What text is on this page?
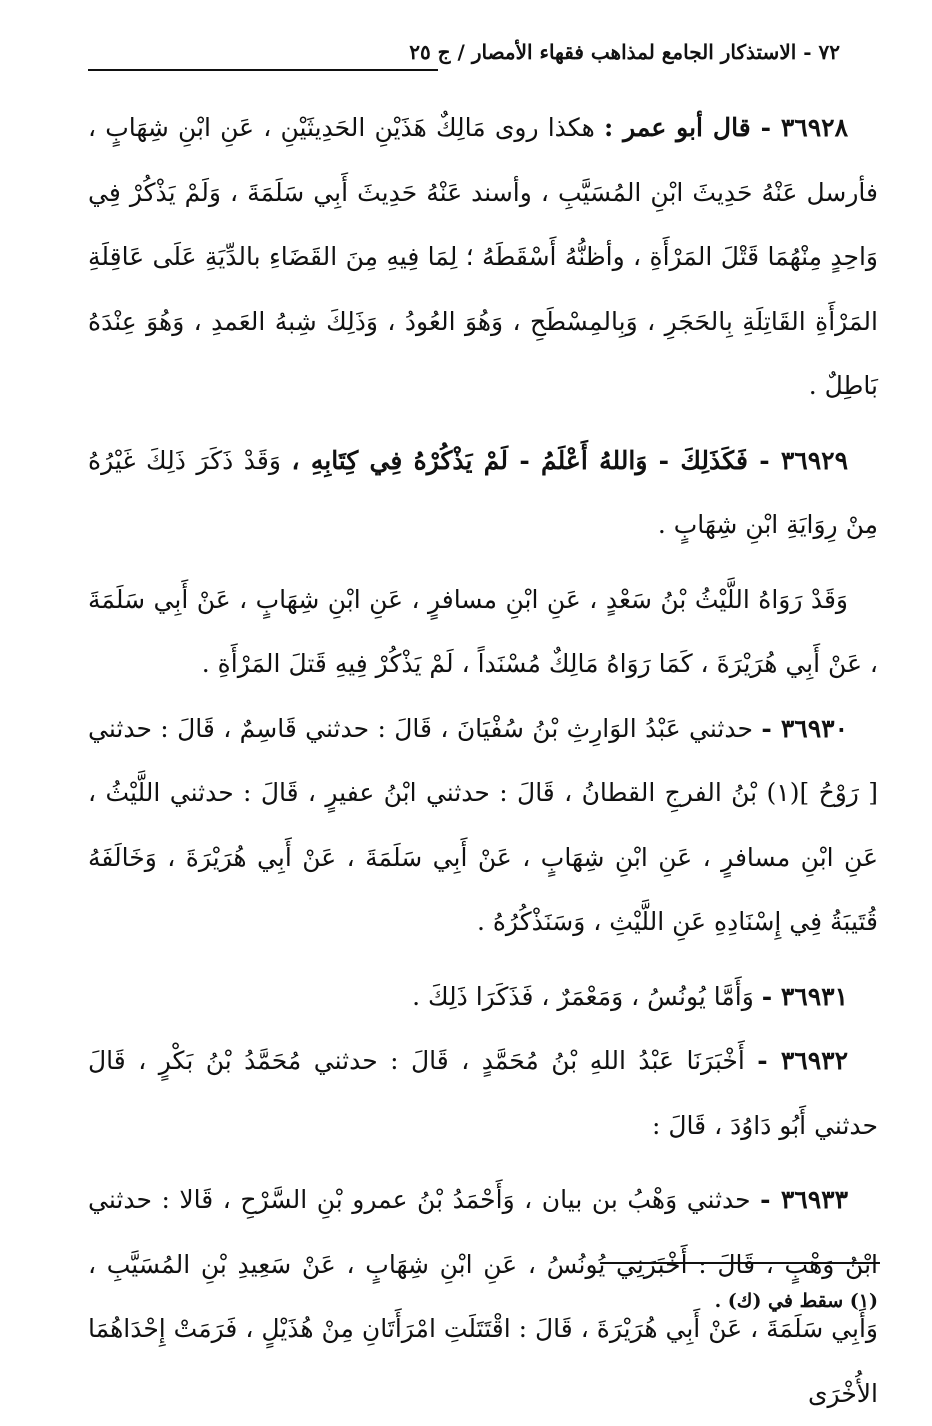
٧٢ - الاستذكار الجامع لمذاهب فقهاء الأمصار / ج ٢٥

٣٦٩٢٨ - قال أبو عمر : هكذا روى مَالِكٌ هَذَيْنِ الحَدِيثَيْنِ ، عَنِ ابْنِ شِهَابٍ ، فأرسل عَنْهُ حَدِيثَ ابْنِ المُسَيَّبِ ، وأسند عَنْهُ حَدِيثَ أَبِي سَلَمَةَ ، وَلَمْ يَذْكُرْ فِي وَاحِدٍ مِنْهُمَا قَتْلَ المَرْأَةِ ، وأظنُّهُ أَسْقَطَهُ ؛ لِمَا فِيهِ مِنَ القَضَاءِ بالدِّيَةِ عَلَى عَاقِلَةِ المَرْأَةِ القَاتِلَةِ بِالحَجَرِ ، وَبِالمِسْطَحِ ، وَهُوَ العُودُ ، وَذَلِكَ شِبهُ العَمدِ ، وَهُوَ عِنْدَهُ بَاطِلٌ .

٣٦٩٢٩ - فَكَذَلِكَ - وَاللهُ أَعْلَمُ - لَمْ يَذْكُرْهُ فِي كِتَابِهِ ، وَقَدْ ذَكَرَ ذَلِكَ غَيْرُهُ مِنْ رِوَايَةِ ابْنِ شِهَابٍ .

وَقَدْ رَوَاهُ اللَّيْثُ بْنُ سَعْدٍ ، عَنِ ابْنِ مسافرٍ ، عَنِ ابْنِ شِهَابٍ ، عَنْ أَبِي سَلَمَةَ ، عَنْ أَبِي هُرَيْرَةَ ، كَمَا رَوَاهُ مَالِكٌ مُسْنَداً ، لَمْ يَذْكُرْ فِيهِ قَتلَ المَرْأَةِ .

٣٦٩٣٠ - حدثني عَبْدُ الوَارِثِ بْنُ سُفْيَانَ ، قَالَ : حدثني قَاسِمٌ ، قَالَ : حدثني [ رَوْحُ ](١) بْنُ الفرجِ القطانُ ، قَالَ : حدثني ابْنُ عفيرٍ ، قَالَ : حدثني اللَّيْثُ ، عَنِ ابْنِ مسافرٍ ، عَنِ ابْنِ شِهَابٍ ، عَنْ أَبِي سَلَمَةَ ، عَنْ أَبِي هُرَيْرَةَ ، وَخَالَفَهُ قُتَيبَةُ فِي إِسْنَادِهِ عَنِ اللَّيْثِ ، وَسَنَذْكُرُهُ .

٣٦٩٣١ - وَأَمَّا يُونُسُ ، وَمَعْمَرٌ ، فَذَكَرَا ذَلِكَ .

٣٦٩٣٢ - أَخْبَرَنَا عَبْدُ اللهِ بْنُ مُحَمَّدٍ ، قَالَ : حدثني مُحَمَّدُ بْنُ بَكْرٍ ، قَالَ حدثني أَبُو دَاوُدَ ، قَالَ :

٣٦٩٣٣ - حدثني وَهْبُ بن بيان ، وَأَحْمَدُ بْنُ عمرو بْنِ السَّرْحِ ، قَالا : حدثني ابْنُ وَهْبٍ ، قَالَ : أَخْبَرَنِي يُونُسُ ، عَنِ ابْنِ شِهَابٍ ، عَنْ سَعِيدِ بْنِ المُسَيَّبِ ، وَأَبِي سَلَمَةَ ، عَنْ أَبِي هُرَيْرَةَ ، قَالَ : اقْتَتَلَتِ امْرَأَتَانِ مِنْ هُذَيْلٍ ، فَرَمَتْ إِحْدَاهُمَا الأُخْرَى

(١) سقط في (ك) .
